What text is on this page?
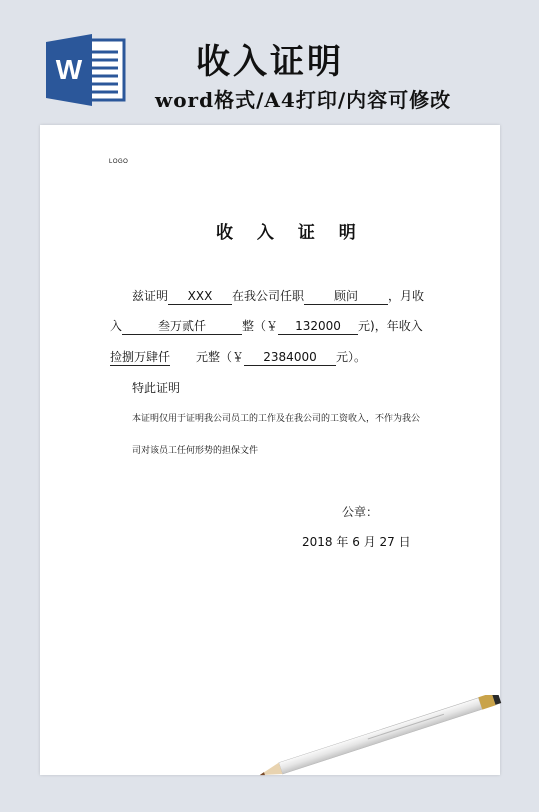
W	收入证明
word格式/A4打印/内容可修改
LOGO
收 入 证 明
兹证明 XXX 在我公司任职 顾问	，月收
入	叁万贰仟	整（￥ 132000 元)，年收入
捡捌万肆仟 元整（￥ 2384000 元）。
特此证明
本证明仅用于证明我公司员工的工作及在我公司的工资收入，不作为我公
司对该员工任何形势的担保文件
公章：
2018 年 6 月 27 日
